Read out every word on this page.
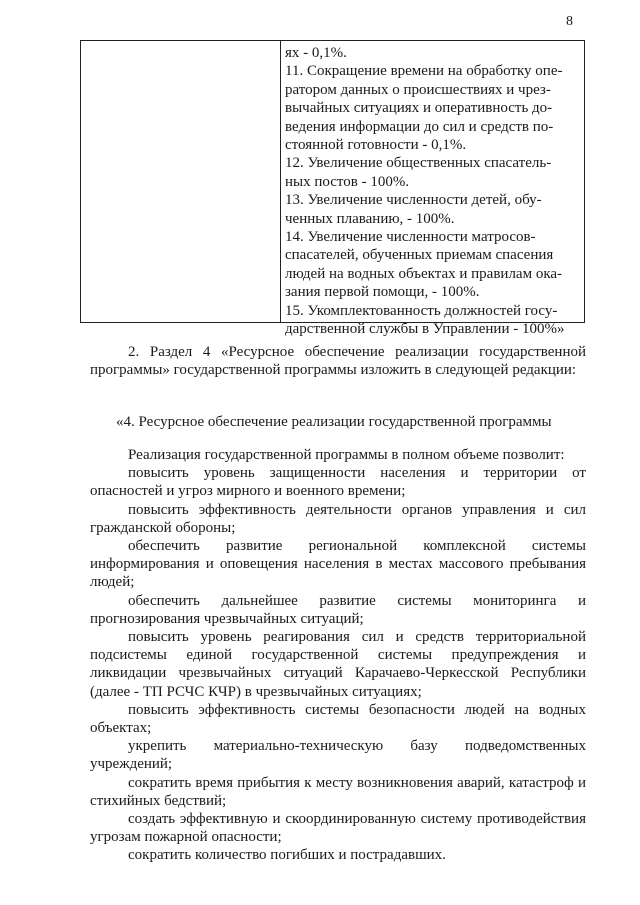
8

ях - 0,1%.

11. Сокращение времени на обработку опе-

ратором данных о происшествиях и чрез-

вычайных ситуациях и оперативность до-

ведения информации до сил и средств по-

стоянной готовности - 0,1%.

12. Увеличение общественных спасатель-

ных постов - 100%.

13. Увеличение численности детей, обу-

ченных плаванию, - 100%.

14. Увеличение численности матросов-

спасателей, обученных приемам спасения

людей на водных объектах и правилам ока-

зания первой помощи, - 100%.

15. Укомплектованность должностей госу-

дарственной службы в Управлении - 100%»

2. Раздел 4 «Ресурсное обеспечение реализации государственной программы» государственной программы изложить в следующей редакции:

«4. Ресурсное обеспечение реализации государственной программы

Реализация государственной программы в полном объеме позволит:

повысить уровень защищенности населения и территории от опасностей и угроз мирного и военного времени;

повысить эффективность деятельности органов управления и сил гражданской обороны;

обеспечить развитие региональной комплексной системы информирования и оповещения населения в местах массового пребывания людей;

обеспечить дальнейшее развитие системы мониторинга и прогнозирования чрезвычайных ситуаций;

повысить уровень реагирования сил и средств территориальной подсистемы единой государственной системы предупреждения и ликвидации чрезвычайных ситуаций Карачаево-Черкесской Республики (далее - ТП РСЧС КЧР) в чрезвычайных ситуациях;

повысить эффективность системы безопасности людей на водных объектах;

укрепить материально-техническую базу подведомственных учреждений;

сократить время прибытия к месту возникновения аварий, катастроф и стихийных бедствий;

создать эффективную и скоординированную систему противодействия угрозам пожарной опасности;

сократить количество погибших и пострадавших.
